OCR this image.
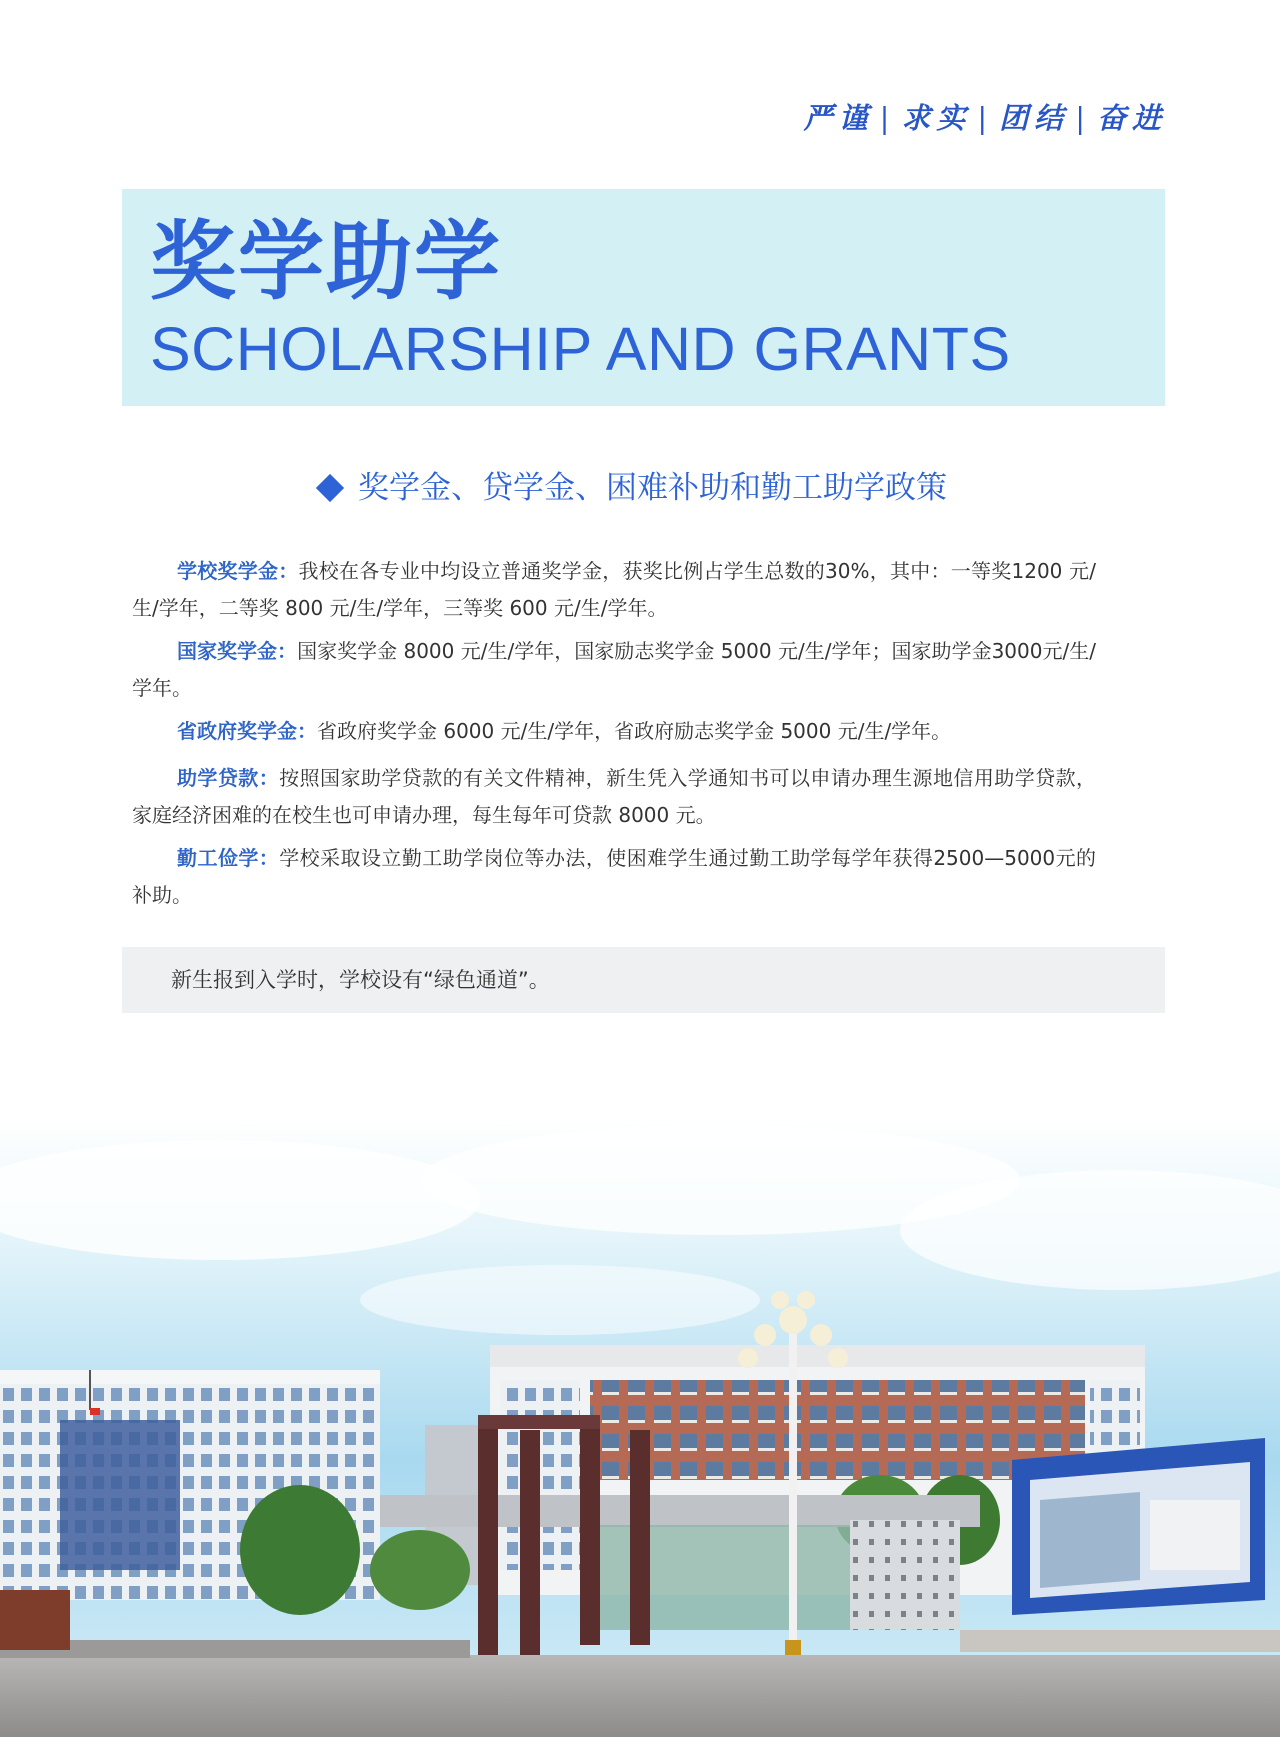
严谨 | 求实 | 团结 | 奋进
奖学助学
SCHOLARSHIP AND GRANTS
奖学金、贷学金、困难补助和勤工助学政策

学校奖学金：我校在各专业中均设立普通奖学金，获奖比例占学生总数的30%，其中：一等奖1200 元/生/学年，二等奖 800 元/生/学年，三等奖 600 元/生/学年。

国家奖学金：国家奖学金 8000 元/生/学年，国家励志奖学金 5000 元/生/学年；国家助学金3000元/生/学年。

省政府奖学金：省政府奖学金 6000 元/生/学年，省政府励志奖学金 5000 元/生/学年。

助学贷款：按照国家助学贷款的有关文件精神，新生凭入学通知书可以申请办理生源地信用助学贷款，家庭经济困难的在校生也可申请办理，每生每年可贷款 8000 元。

勤工俭学：学校采取设立勤工助学岗位等办法，使困难学生通过勤工助学每学年获得2500—5000元的补助。

新生报到入学时，学校设有“绿色通道”。
